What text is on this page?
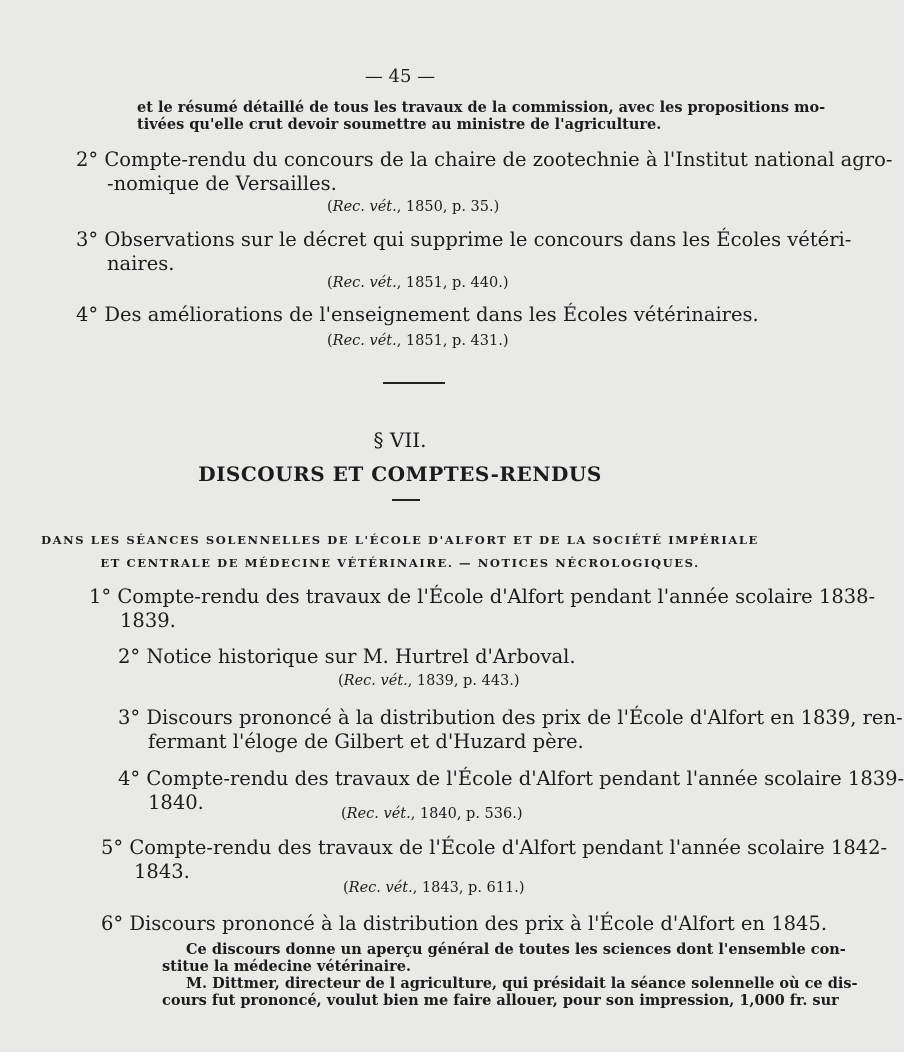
— 45 —
et le résumé détaillé de tous les travaux de la commission, avec les propositions mo-
tivées qu'elle crut devoir soumettre au ministre de l'agriculture.
2° Compte-rendu du concours de la chaire de zootechnie à l'Institut national agro-
-nomique de Versailles.
(Rec. vét., 1850, p. 35.)
3° Observations sur le décret qui supprime le concours dans les Écoles vétéri-
naires.
(Rec. vét., 1851, p. 440.)
4° Des améliorations de l'enseignement dans les Écoles vétérinaires.
(Rec. vét., 1851, p. 431.)
§ VII.
DISCOURS ET COMPTES-RENDUS
DANS LES SÉANCES SOLENNELLES DE L'ÉCOLE D'ALFORT ET DE LA SOCIÉTÉ IMPÉRIALE
ET CENTRALE DE MÉDECINE VÉTÉRINAIRE. — NOTICES NÉCROLOGIQUES.
1° Compte-rendu des travaux de l'École d'Alfort pendant l'année scolaire 1838-
1839.
2° Notice historique sur M. Hurtrel d'Arboval.
(Rec. vét., 1839, p. 443.)
3° Discours prononcé à la distribution des prix de l'École d'Alfort en 1839, ren-
fermant l'éloge de Gilbert et d'Huzard père.
4° Compte-rendu des travaux de l'École d'Alfort pendant l'année scolaire 1839-
1840.	(Rec. vét., 1840, p. 536.)
5° Compte-rendu des travaux de l'École d'Alfort pendant l'année scolaire 1842-
1843.
(Rec. vét., 1843, p. 611.)
6° Discours prononcé à la distribution des prix à l'École d'Alfort en 1845.
Ce discours donne un aperçu général de toutes les sciences dont l'ensemble con-
stitue la médecine vétérinaire.
M. Dittmer, directeur de l agriculture, qui présidait la séance solennelle où ce dis-
cours fut prononcé, voulut bien me faire allouer, pour son impression, 1,000 fr. sur
